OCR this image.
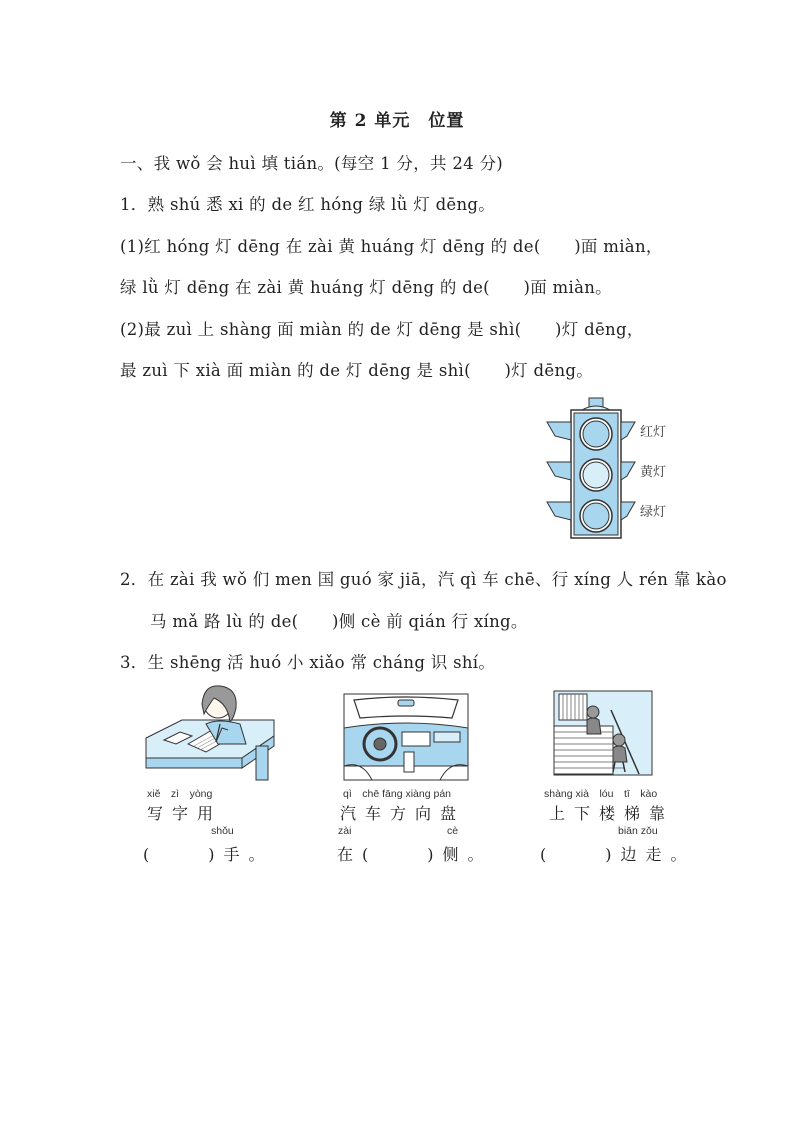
第 2 单元　位置
一、我 wǒ 会 huì 填 tián。(每空 1 分，共 24 分)
1．熟 shú 悉 xi 的 de 红 hóng 绿 lǜ 灯 dēng。
(1)红 hóng 灯 dēng 在 zài 黄 huáng 灯 dēng 的 de(　　)面 miàn，
绿 lǜ 灯 dēng 在 zài 黄 huáng 灯 dēng 的 de(　　)面 miàn。
(2)最 zuì 上 shàng 面 miàn 的 de 灯 dēng 是 shì(　　)灯 dēng，
最 zuì 下 xià 面 miàn 的 de 灯 dēng 是 shì(　　)灯 dēng。
红灯
黄灯
绿灯
2．在 zài 我 wǒ 们 men 国 guó 家 jiā，汽 qì 车 chē、行 xíng 人 rén 靠 kào
马 mǎ 路 lù 的 de(　　)侧 cè 前 qián 行 xíng。
3．生 shēng 活 huó 小 xiǎo 常 cháng 识 shí。
xiě　zì　yòng
写字用
shǒu
(　　)手。
qì　chē fāng xiàng pán
汽车方向盘
zài	cè
在(　　)侧。
shàng xià　lóu　tī　kào
上下楼梯靠
biān zǒu
(　　)边走。
